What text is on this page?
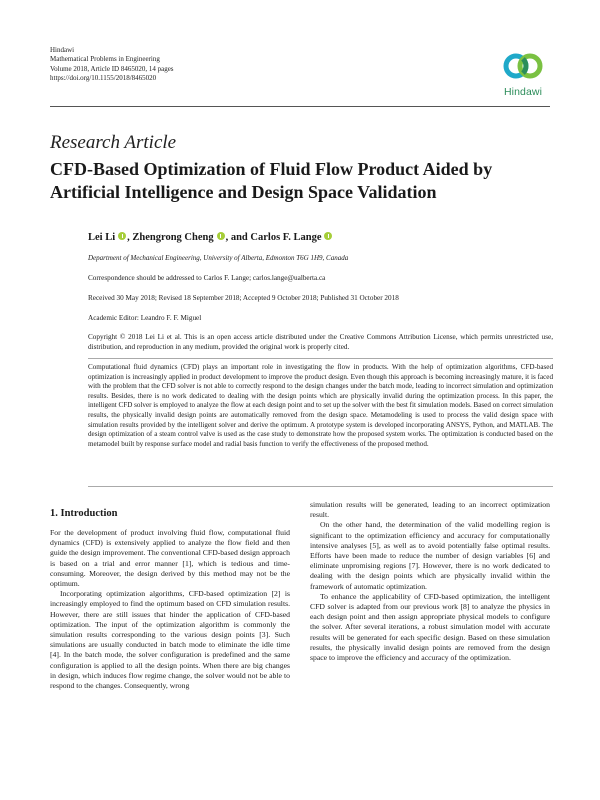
Hindawi
Mathematical Problems in Engineering
Volume 2018, Article ID 8465020, 14 pages
https://doi.org/10.1155/2018/8465020
Hindawi
Research Article
CFD-Based Optimization of Fluid Flow Product Aided by Artificial Intelligence and Design Space Validation
Lei Li , Zhengrong Cheng , and Carlos F. Lange
Department of Mechanical Engineering, University of Alberta, Edmonton T6G 1H9, Canada
Correspondence should be addressed to Carlos F. Lange; carlos.lange@ualberta.ca
Received 30 May 2018; Revised 18 September 2018; Accepted 9 October 2018; Published 31 October 2018
Academic Editor: Leandro F. F. Miguel
Copyright © 2018 Lei Li et al. This is an open access article distributed under the Creative Commons Attribution License, which permits unrestricted use, distribution, and reproduction in any medium, provided the original work is properly cited.
Computational fluid dynamics (CFD) plays an important role in investigating the flow in products. With the help of optimization algorithms, CFD-based optimization is increasingly applied in product development to improve the product design. Even though this approach is becoming increasingly mature, it is faced with the problem that the CFD solver is not able to correctly respond to the design changes under the batch mode, leading to incorrect simulation and optimization results. Besides, there is no work dedicated to dealing with the design points which are physically invalid during the optimization process. In this paper, the intelligent CFD solver is employed to analyze the flow at each design point and to set up the solver with the best fit simulation models. Based on correct simulation results, the physically invalid design points are automatically removed from the design space. Metamodeling is used to process the valid design space with simulation results provided by the intelligent solver and derive the optimum. A prototype system is developed incorporating ANSYS, Python, and MATLAB. The design optimization of a steam control valve is used as the case study to demonstrate how the proposed system works. The optimization is conducted based on the metamodel built by response surface model and radial basis function to verify the effectiveness of the proposed method.
1. Introduction

For the development of product involving fluid flow, computational fluid dynamics (CFD) is extensively applied to analyze the flow field and then guide the design improvement. The conventional CFD-based design approach is based on a trial and error manner [1], which is tedious and time-consuming. Moreover, the design derived by this method may not be the optimum.

Incorporating optimization algorithms, CFD-based optimization [2] is increasingly employed to find the optimum based on CFD simulation results. However, there are still issues that hinder the application of CFD-based optimization. The input of the optimization algorithm is commonly the simulation results corresponding to the various design points [3]. Such simulations are usually conducted in batch mode to eliminate the idle time [4]. In the batch mode, the solver configuration is predefined and the same configuration is applied to all the design points. When there are big changes in design, which induces flow regime change, the solver would not be able to respond to the changes. Consequently, wrong

simulation results will be generated, leading to an incorrect optimization result.

On the other hand, the determination of the valid modelling region is significant to the optimization efficiency and accuracy for computationally intensive analyses [5], as well as to avoid potentially false optimal results. Efforts have been made to reduce the number of design variables [6] and eliminate unpromising regions [7]. However, there is no work dedicated to dealing with the design points which are physically invalid within the framework of automatic optimization.

To enhance the applicability of CFD-based optimization, the intelligent CFD solver is adapted from our previous work [8] to analyze the physics in each design point and then assign appropriate physical models to configure the solver. After several iterations, a robust simulation model with accurate results will be generated for each specific design. Based on these simulation results, the physically invalid design points are removed from the design space to improve the efficiency and accuracy of the optimization.
